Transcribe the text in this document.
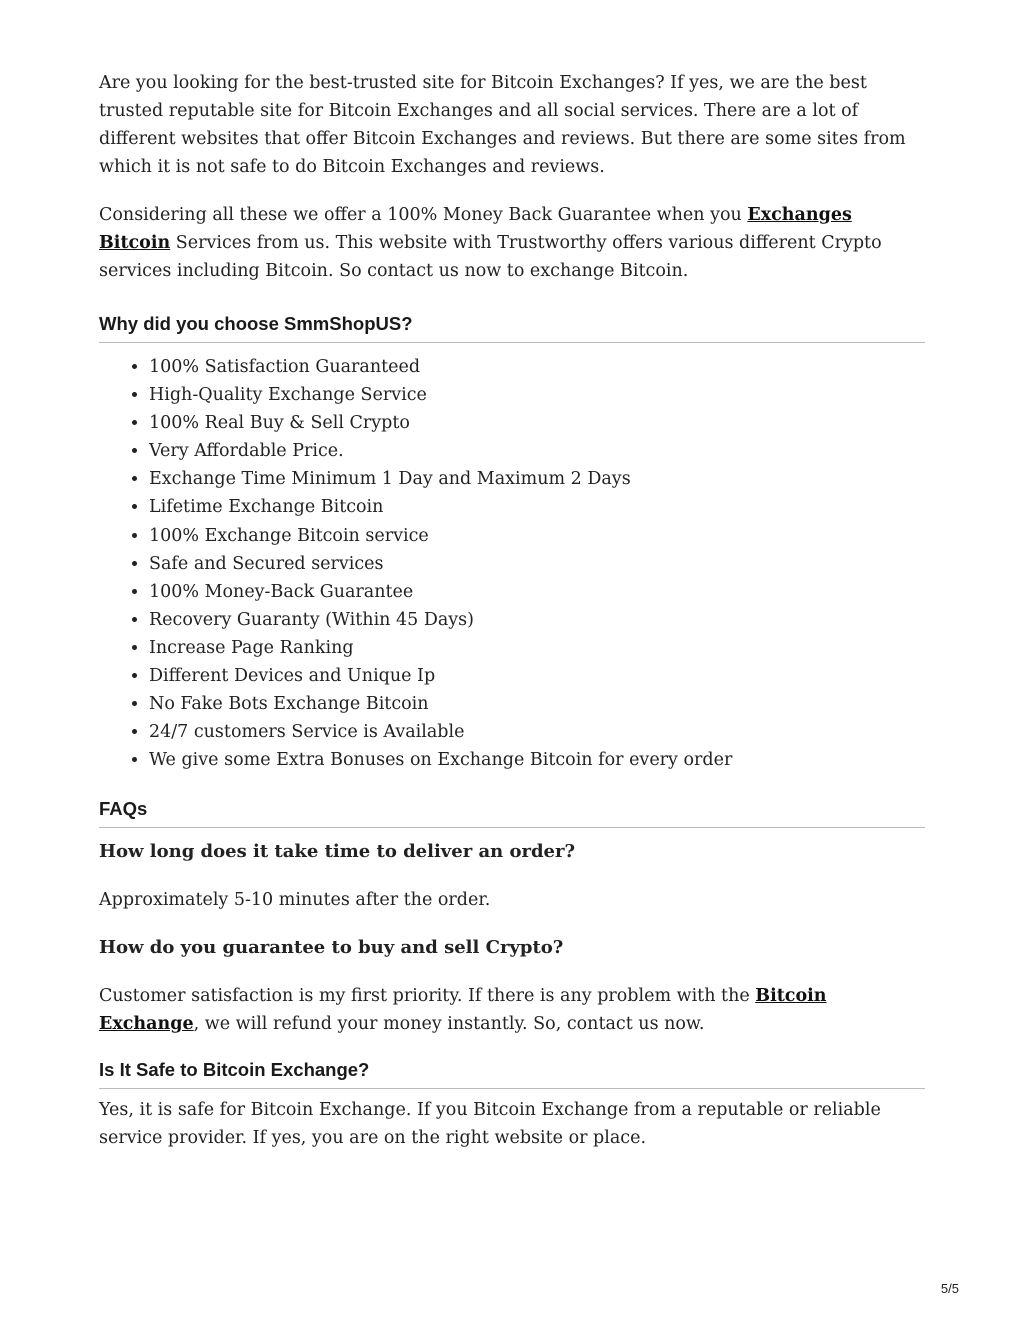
Are you looking for the best-trusted site for Bitcoin Exchanges? If yes, we are the best trusted reputable site for Bitcoin Exchanges and all social services. There are a lot of different websites that offer Bitcoin Exchanges and reviews. But there are some sites from which it is not safe to do Bitcoin Exchanges and reviews.

Considering all these we offer a 100% Money Back Guarantee when you Exchanges Bitcoin Services from us. This website with Trustworthy offers various different Crypto services including Bitcoin. So contact us now to exchange Bitcoin.

Why did you choose SmmShopUS?
• 100% Satisfaction Guaranteed
• High-Quality Exchange Service
• 100% Real Buy & Sell Crypto
• Very Affordable Price.
• Exchange Time Minimum 1 Day and Maximum 2 Days
• Lifetime Exchange Bitcoin
• 100% Exchange Bitcoin service
• Safe and Secured services
• 100% Money-Back Guarantee
• Recovery Guaranty (Within 45 Days)
• Increase Page Ranking
• Different Devices and Unique Ip
• No Fake Bots Exchange Bitcoin
• 24/7 customers Service is Available
• We give some Extra Bonuses on Exchange Bitcoin for every order
FAQs
How long does it take time to deliver an order?

Approximately 5-10 minutes after the order.

How do you guarantee to buy and sell Crypto?

Customer satisfaction is my first priority. If there is any problem with the Bitcoin Exchange, we will refund your money instantly. So, contact us now.

Is It Safe to Bitcoin Exchange?

Yes, it is safe for Bitcoin Exchange. If you Bitcoin Exchange from a reputable or reliable service provider. If yes, you are on the right website or place.

5/5
